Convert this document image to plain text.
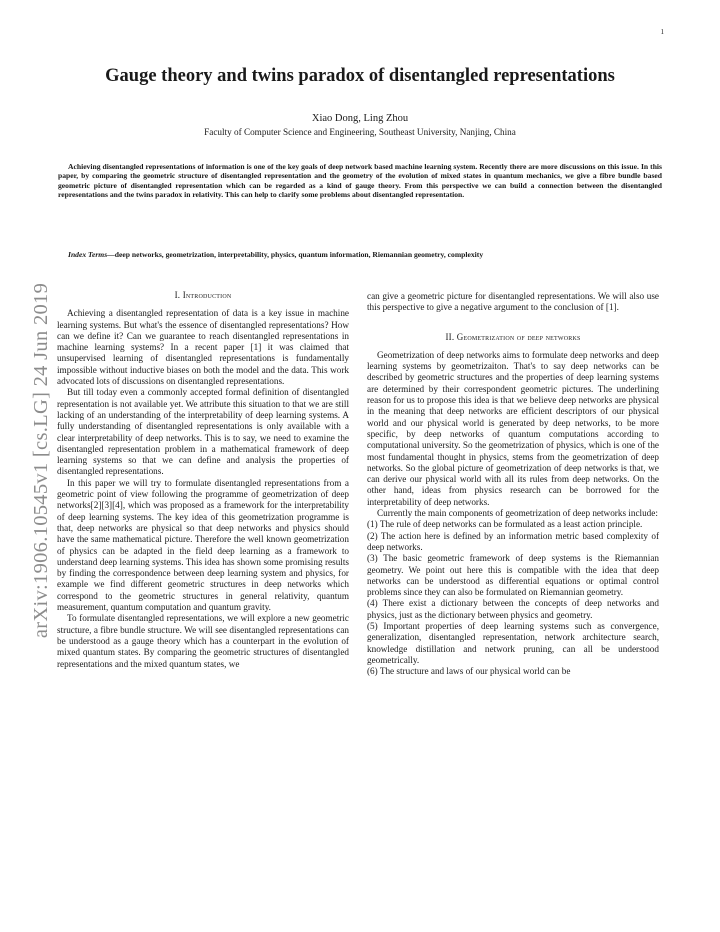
1
arXiv:1906.10545v1 [cs.LG] 24 Jun 2019
Gauge theory and twins paradox of disentangled representations
Xiao Dong, Ling Zhou
Faculty of Computer Science and Engineering, Southeast University, Nanjing, China

Achieving disentangled representations of information is one of the key goals of deep network based machine learning system. Recently there are more discussions on this issue. In this paper, by comparing the geometric structure of disentangled representation and the geometry of the evolution of mixed states in quantum mechanics, we give a fibre bundle based geometric picture of disentangled representation which can be regarded as a kind of gauge theory. From this perspective we can build a connection between the disentangled representations and the twins paradox in relativity. This can help to clarify some problems about disentangled representation.

Index Terms—deep networks, geometrization, interpretability, physics, quantum information, Riemannian geometry, complexity

I. Introduction

Achieving a disentangled representation of data is a key issue in machine learning systems. But what's the essence of disentangled representations? How can we define it? Can we guarantee to reach disentangled representations in machine learning systems? In a recent paper [1] it was claimed that unsupervised learning of disentangled representations is fundamentally impossible without inductive biases on both the model and the data. This work advocated lots of discussions on disentangled representations.

But till today even a commonly accepted formal definition of disentangled representation is not available yet. We attribute this situation to that we are still lacking of an understanding of the interpretability of deep learning systems. A fully understanding of disentangled representations is only available with a clear interpretability of deep networks. This is to say, we need to examine the disentangled representation problem in a mathematical framework of deep learning systems so that we can define and analysis the properties of disentangled representations.

In this paper we will try to formulate disentangled representations from a geometric point of view following the programme of geometrization of deep networks[2][3][4], which was proposed as a framework for the interpretability of deep learning systems. The key idea of this geometrization programme is that, deep networks are physical so that deep networks and physics should have the same mathematical picture. Therefore the well known geometrization of physics can be adapted in the field deep learning as a framework to understand deep learning systems. This idea has shown some promising results by finding the correspondence between deep learning system and physics, for example we find different geometric structures in deep networks which correspond to the geometric structures in general relativity, quantum measurement, quantum computation and quantum gravity.

To formulate disentangled representations, we will explore a new geometric structure, a fibre bundle structure. We will see disentangled representations can be understood as a gauge theory which has a counterpart in the evolution of mixed quantum states. By comparing the geometric structures of disentangled representations and the mixed quantum states, we

can give a geometric picture for disentangled representations. We will also use this perspective to give a negative argument to the conclusion of [1].

II. Geometrization of deep networks

Geometrization of deep networks aims to formulate deep networks and deep learning systems by geometrizaiton. That's to say deep networks can be described by geometric structures and the properties of deep learning systems are determined by their correspondent geometric pictures. The underlining reason for us to propose this idea is that we believe deep networks are physical in the meaning that deep networks are efficient descriptors of our physical world and our physical world is generated by deep networks, to be more specific, by deep networks of quantum computations according to computational university. So the geometrization of physics, which is one of the most fundamental thought in physics, stems from the geometrization of deep networks. So the global picture of geometrization of deep networks is that, we can derive our physical world with all its rules from deep networks. On the other hand, ideas from physics research can be borrowed for the interpretability of deep networks.

Currently the main components of geometrization of deep networks include:

(1) The rule of deep networks can be formulated as a least action principle.

(2) The action here is defined by an information metric based complexity of deep networks.

(3) The basic geometric framework of deep systems is the Riemannian geometry. We point out here this is compatible with the idea that deep networks can be understood as differential equations or optimal control problems since they can also be formulated on Riemannian geometry.

(4) There exist a dictionary between the concepts of deep networks and physics, just as the dictionary between physics and geometry.

(5) Important properties of deep learning systems such as convergence, generalization, disentangled representation, network architecture search, knowledge distillation and network pruning, can all be understood geometrically.

(6) The structure and laws of our physical world can be
